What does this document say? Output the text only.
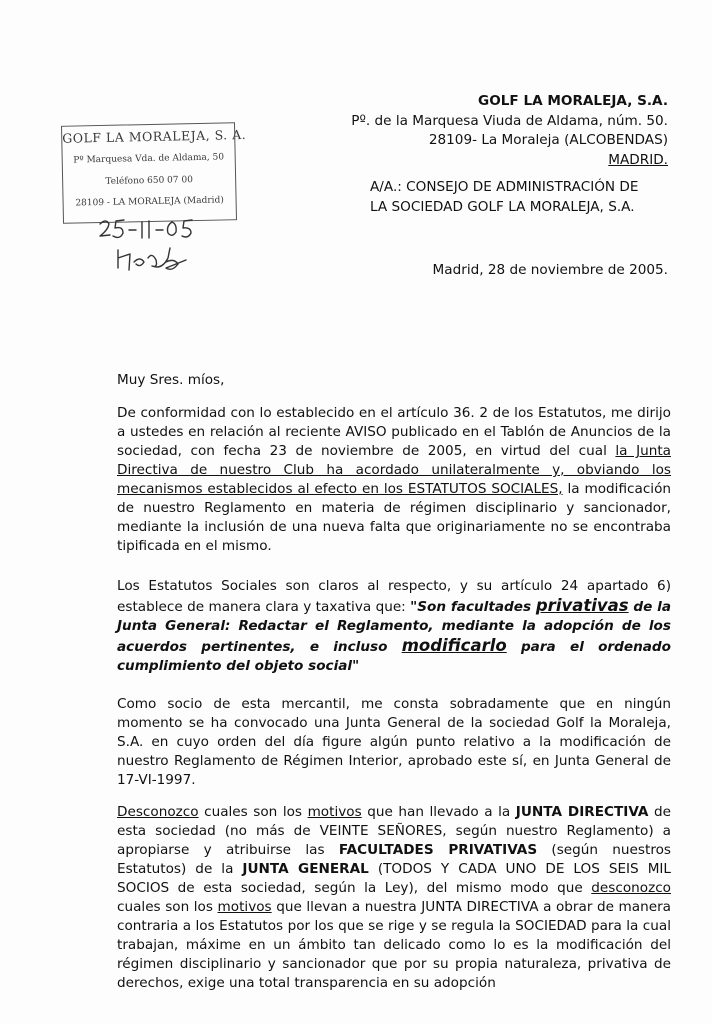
GOLF LA MORALEJA, S. A.
Pº Marquesa Vda. de Aldama, 50
Teléfono 650 07 00
28109 - LA MORALEJA (Madrid)
GOLF LA MORALEJA, S.A.
Pº. de la Marquesa Viuda de Aldama, núm. 50.
28109- La Moraleja (ALCOBENDAS)
MADRID.
A/A.: CONSEJO DE ADMINISTRACIÓN DE
LA SOCIEDAD GOLF LA MORALEJA, S.A.
Madrid, 28 de noviembre de 2005.
Muy Sres. míos,
De conformidad con lo establecido en el artículo 36. 2 de los Estatutos, me dirijo a ustedes en relación al reciente AVISO publicado en el Tablón de Anuncios de la sociedad, con fecha 23 de noviembre de 2005, en virtud del cual la Junta Directiva de nuestro Club ha acordado unilateralmente y, obviando los mecanismos establecidos al efecto en los ESTATUTOS SOCIALES, la modificación de nuestro Reglamento en materia de régimen disciplinario y sancionador, mediante la inclusión de una nueva falta que originariamente no se encontraba tipificada en el mismo.
Los Estatutos Sociales son claros al respecto, y su artículo 24 apartado 6) establece de manera clara y taxativa que: "Son facultades privativas de la Junta General: Redactar el Reglamento, mediante la adopción de los acuerdos pertinentes, e incluso modificarlo para el ordenado cumplimiento del objeto social"
Como socio de esta mercantil, me consta sobradamente que en ningún momento se ha convocado una Junta General de la sociedad Golf la Moraleja, S.A. en cuyo orden del día figure algún punto relativo a la modificación de nuestro Reglamento de Régimen Interior, aprobado este sí, en Junta General de 17-VI-1997.
Desconozco cuales son los motivos que han llevado a la JUNTA DIRECTIVA de esta sociedad (no más de VEINTE SEÑORES, según nuestro Reglamento) a apropiarse y atribuirse las FACULTADES PRIVATIVAS (según nuestros Estatutos) de la JUNTA GENERAL (TODOS Y CADA UNO DE LOS SEIS MIL SOCIOS de esta sociedad, según la Ley), del mismo modo que desconozco cuales son los motivos que llevan a nuestra JUNTA DIRECTIVA a obrar de manera contraria a los Estatutos por los que se rige y se regula la SOCIEDAD para la cual trabajan, máxime en un ámbito tan delicado como lo es la modificación del régimen disciplinario y sancionador que por su propia naturaleza, privativa de derechos, exige una total transparencia en su adopción
